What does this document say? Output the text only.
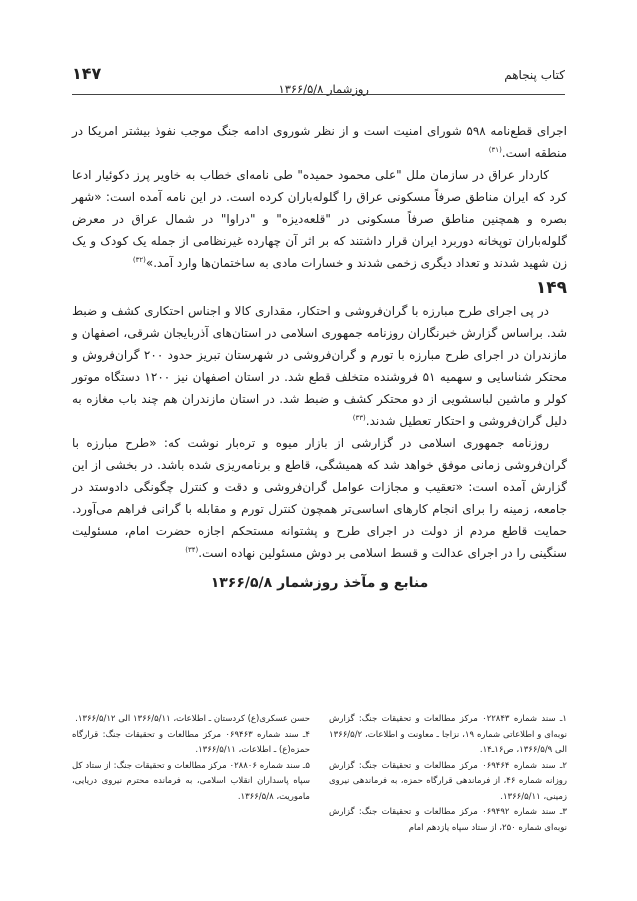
کتاب پنجاهم
۱۴۷
روزشمار ۱۳۶۶/۵/۸

اجرای قطع‌نامه ۵۹۸ شورای امنیت است و از نظر شوروی ادامه جنگ موجب نفوذ بیشتر امریکا در منطقه است.$^{(۳۱)}$

کاردار عراق در سازمان ملل "علی محمود حمیده" طی نامه‌ای خطاب به خاویر پرز دکوئیار ادعا کرد که ایران مناطق صرفاً مسکونی عراق را گلوله‌باران کرده است. در این نامه آمده است: «شهر بصره و همچنین مناطق صرفاً مسکونی در "قلعه‌دیزه" و "دراوا" در شمال عراق در معرض گلوله‌باران توپخانه دوربرد ایران قرار داشتند که بر اثر آن چهارده غیرنظامی از جمله یک کودک و یک زن شهید شدند و تعداد دیگری زخمی شدند و خسارات مادی به ساختمان‌ها وارد آمد.»$^{(۳۲)}$

۱۴۹

در پی اجرای طرح مبارزه با گران‌فروشی و احتکار، مقداری کالا و اجناس احتکاری کشف و ضبط شد. براساس گزارش خبرنگاران روزنامه جمهوری اسلامی در استان‌های آذربایجان شرقی، اصفهان و مازندران در اجرای طرح مبارزه با تورم و گران‌فروشی در شهرستان تبریز حدود ۲۰۰ گران‌فروش و محتکر شناسایی و سهمیه ۵۱ فروشنده متخلف قطع شد. در استان اصفهان نیز ۱۲۰۰ دستگاه موتور کولر و ماشین لباسشویی از دو محتکر کشف و ضبط شد. در استان مازندران هم چند باب مغازه به دلیل گران‌فروشی و احتکار تعطیل شدند.$^{(۳۳)}$

روزنامه جمهوری اسلامی در گزارشی از بازار میوه و تره‌بار نوشت که: «طرح مبارزه با گران‌فروشی زمانی موفق خواهد شد که همیشگی، قاطع و برنامه‌ریزی شده باشد. در بخشی از این گزارش آمده است: «تعقیب و مجازات عوامل گران‌فروشی و دقت و کنترل چگونگی دادوستد در جامعه، زمینه را برای انجام کارهای اساسی‌تر همچون کنترل تورم و مقابله با گرانی فراهم می‌آورد. حمایت قاطع مردم از دولت در اجرای طرح و پشتوانه مستحکم اجازه حضرت امام، مسئولیت سنگینی را در اجرای عدالت و قسط اسلامی بر دوش مسئولین نهاده است.$^{(۳۴)}$

منابع و مآخذ روزشمار ۱۳۶۶/۵/۸

۱ـ سند شماره ۰۲۲۸۴۳ مرکز مطالعات و تحقیقات جنگ: گزارش نوبه‌ای و اطلاعاتی شماره ۱۹، نزاجا ـ معاونت و اطلاعات، ۱۳۶۶/۵/۲ الی ۱۳۶۶/۵/۹، ص۱۶ـ۱۴.

۲ـ سند شماره ۰۶۹۴۶۴ مرکز مطالعات و تحقیقات جنگ: گزارش روزانه شماره ۴۶، از فرماندهی قرارگاه حمزه، به فرماندهی نیروی زمینی، ۱۳۶۶/۵/۱۱.

۳ـ سند شماره ۰۶۹۴۹۲ مرکز مطالعات و تحقیقات جنگ: گزارش نوبه‌ای شماره ۲۵۰، از ستاد سپاه یازدهم امام

حسن عسکری(ع) کردستان ـ اطلاعات، ۱۳۶۶/۵/۱۱ الی ۱۳۶۶/۵/۱۲.

۴ـ سند شماره ۰۶۹۴۶۳ مرکز مطالعات و تحقیقات جنگ: قرارگاه حمزه(ع) ـ اطلاعات، ۱۳۶۶/۵/۱۱.

۵ـ سند شماره ۰۲۸۸۰۶ مرکز مطالعات و تحقیقات جنگ: از ستاد کل سپاه پاسداران انقلاب اسلامی، به فرمانده محترم نیروی دریایی، ماموریت، ۱۳۶۶/۵/۸.
